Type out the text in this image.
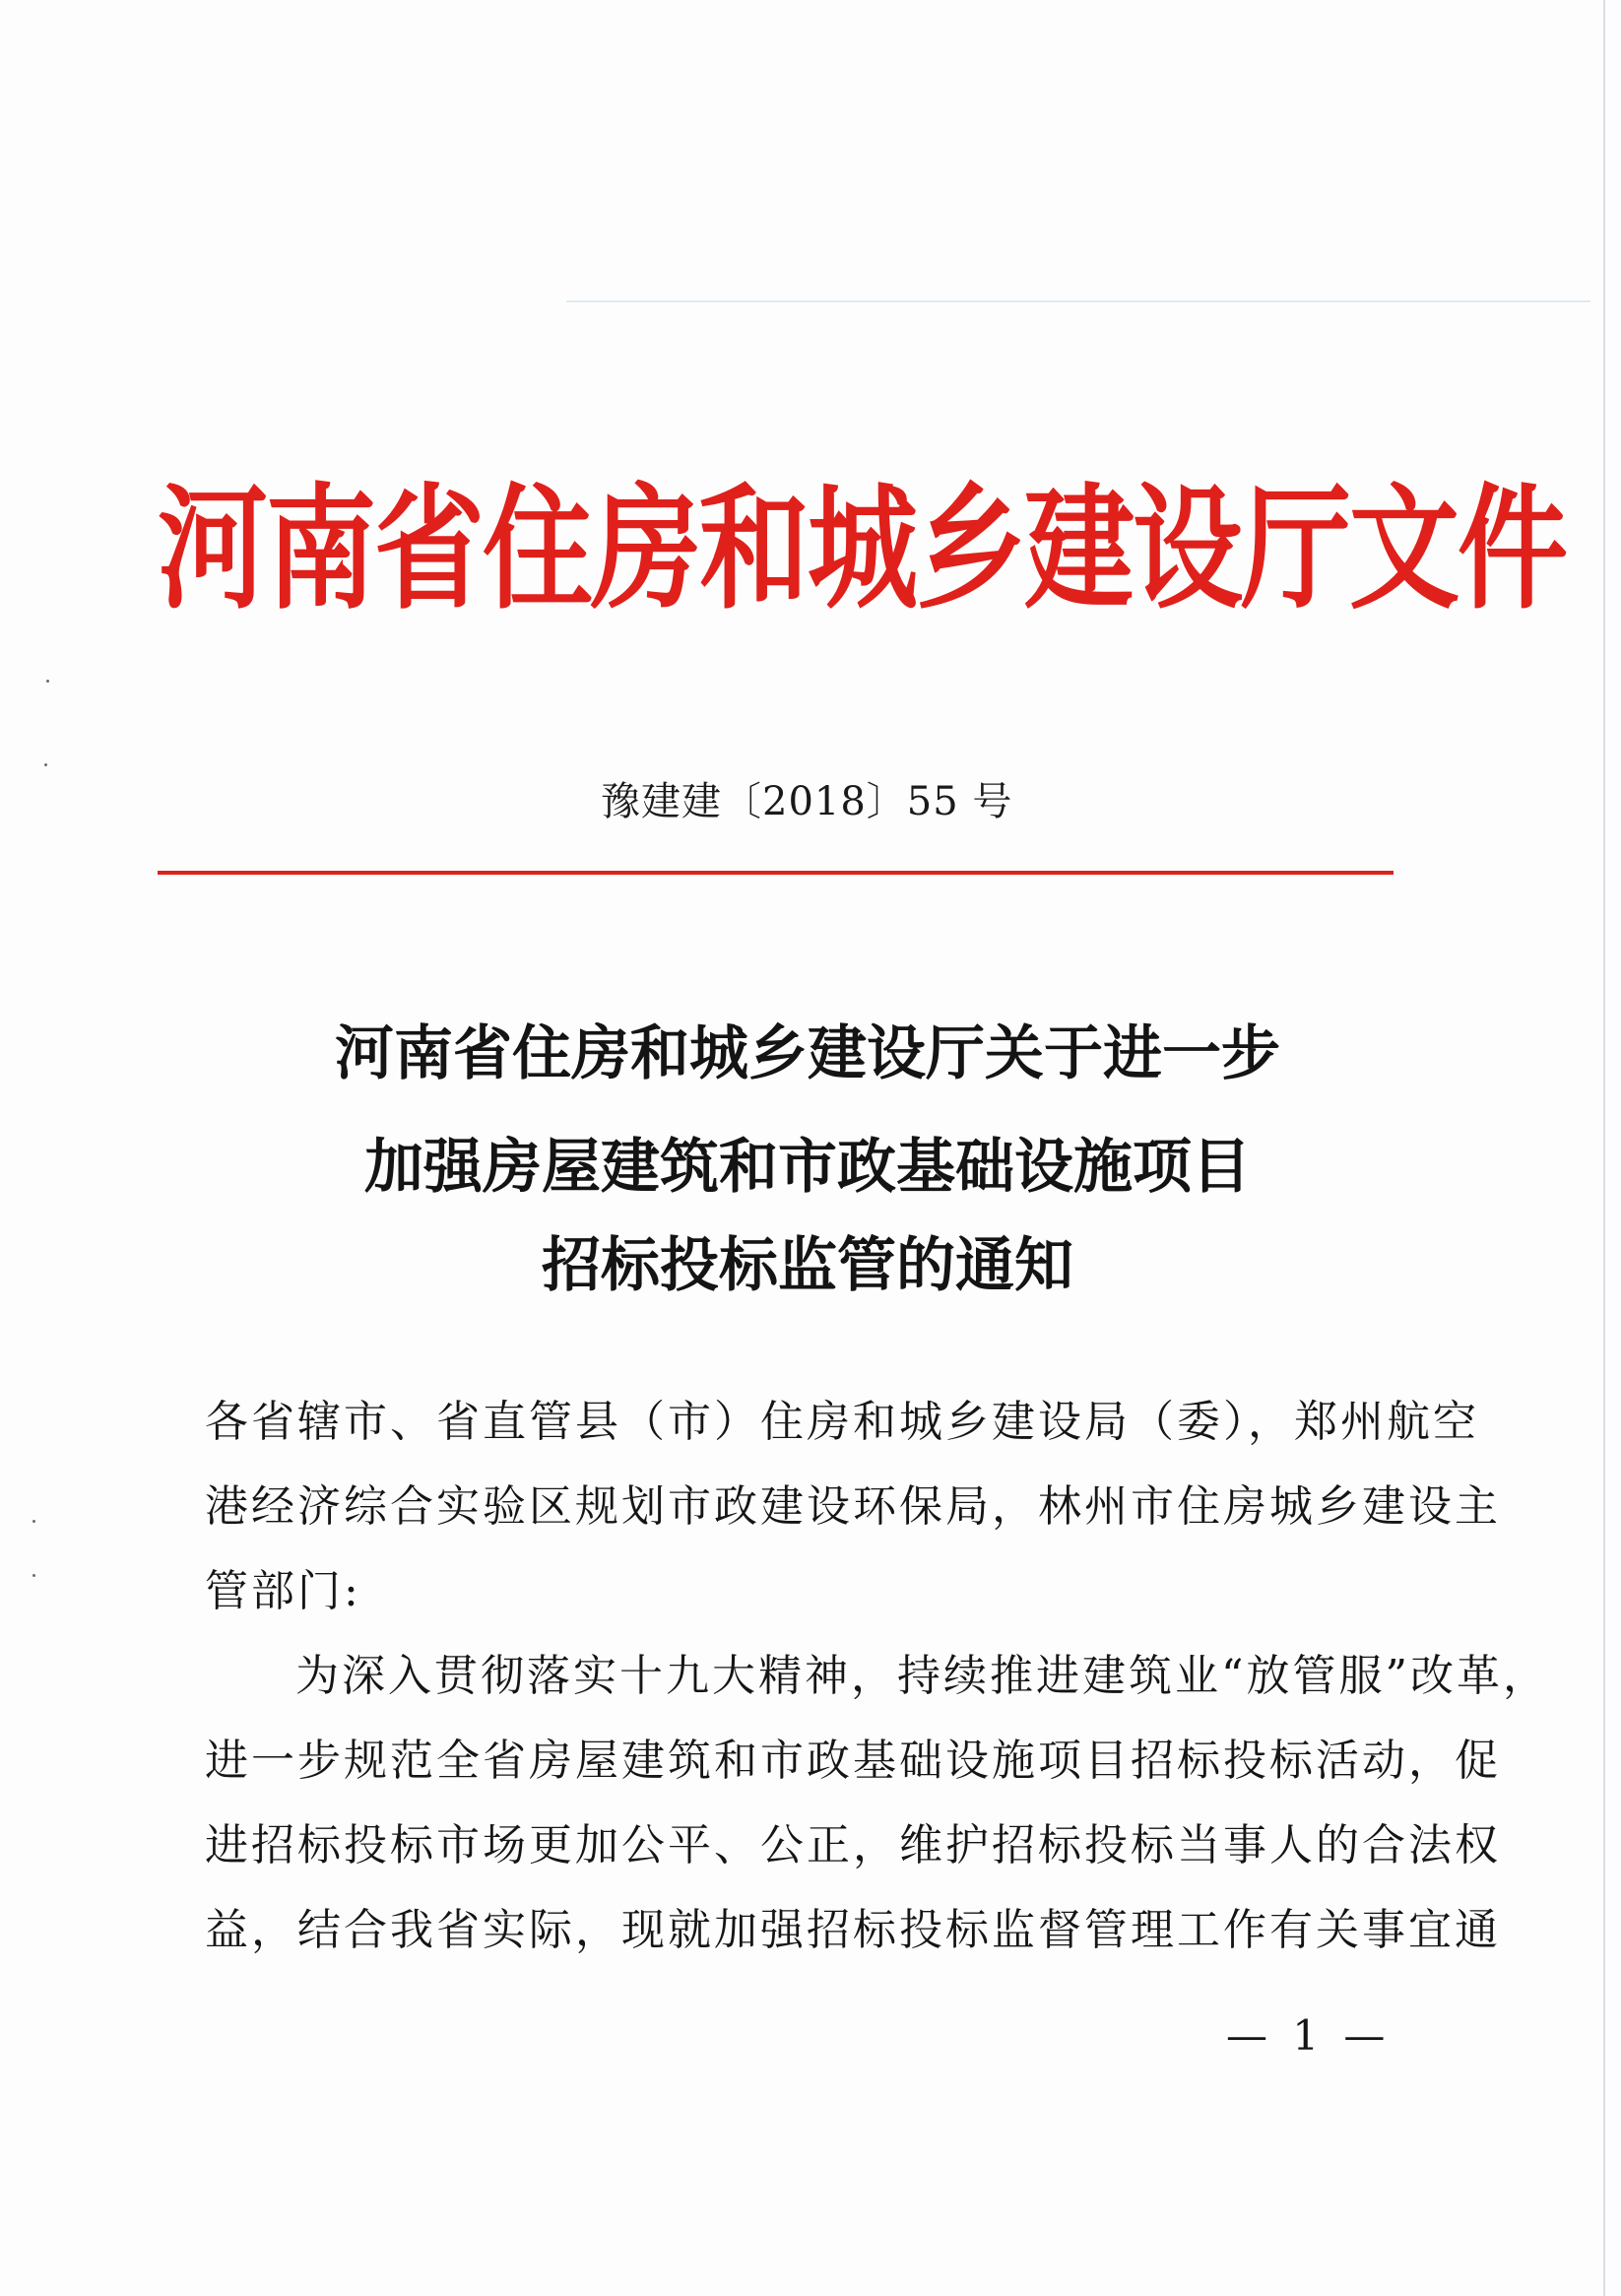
河南省住房和城乡建设厅文件
豫建建〔2018〕55 号
河南省住房和城乡建设厅关于进一步
加强房屋建筑和市政基础设施项目
招标投标监管的通知
各省辖市、省直管县（市）住房和城乡建设局（委），郑州航空
港经济综合实验区规划市政建设环保局，林州市住房城乡建设主
管部门:
为深入贯彻落实十九大精神，持续推进建筑业“放管服”改革，
进一步规范全省房屋建筑和市政基础设施项目招标投标活动，促
进招标投标市场更加公平、公正，维护招标投标当事人的合法权
益，结合我省实际，现就加强招标投标监督管理工作有关事宜通
— 1 —
